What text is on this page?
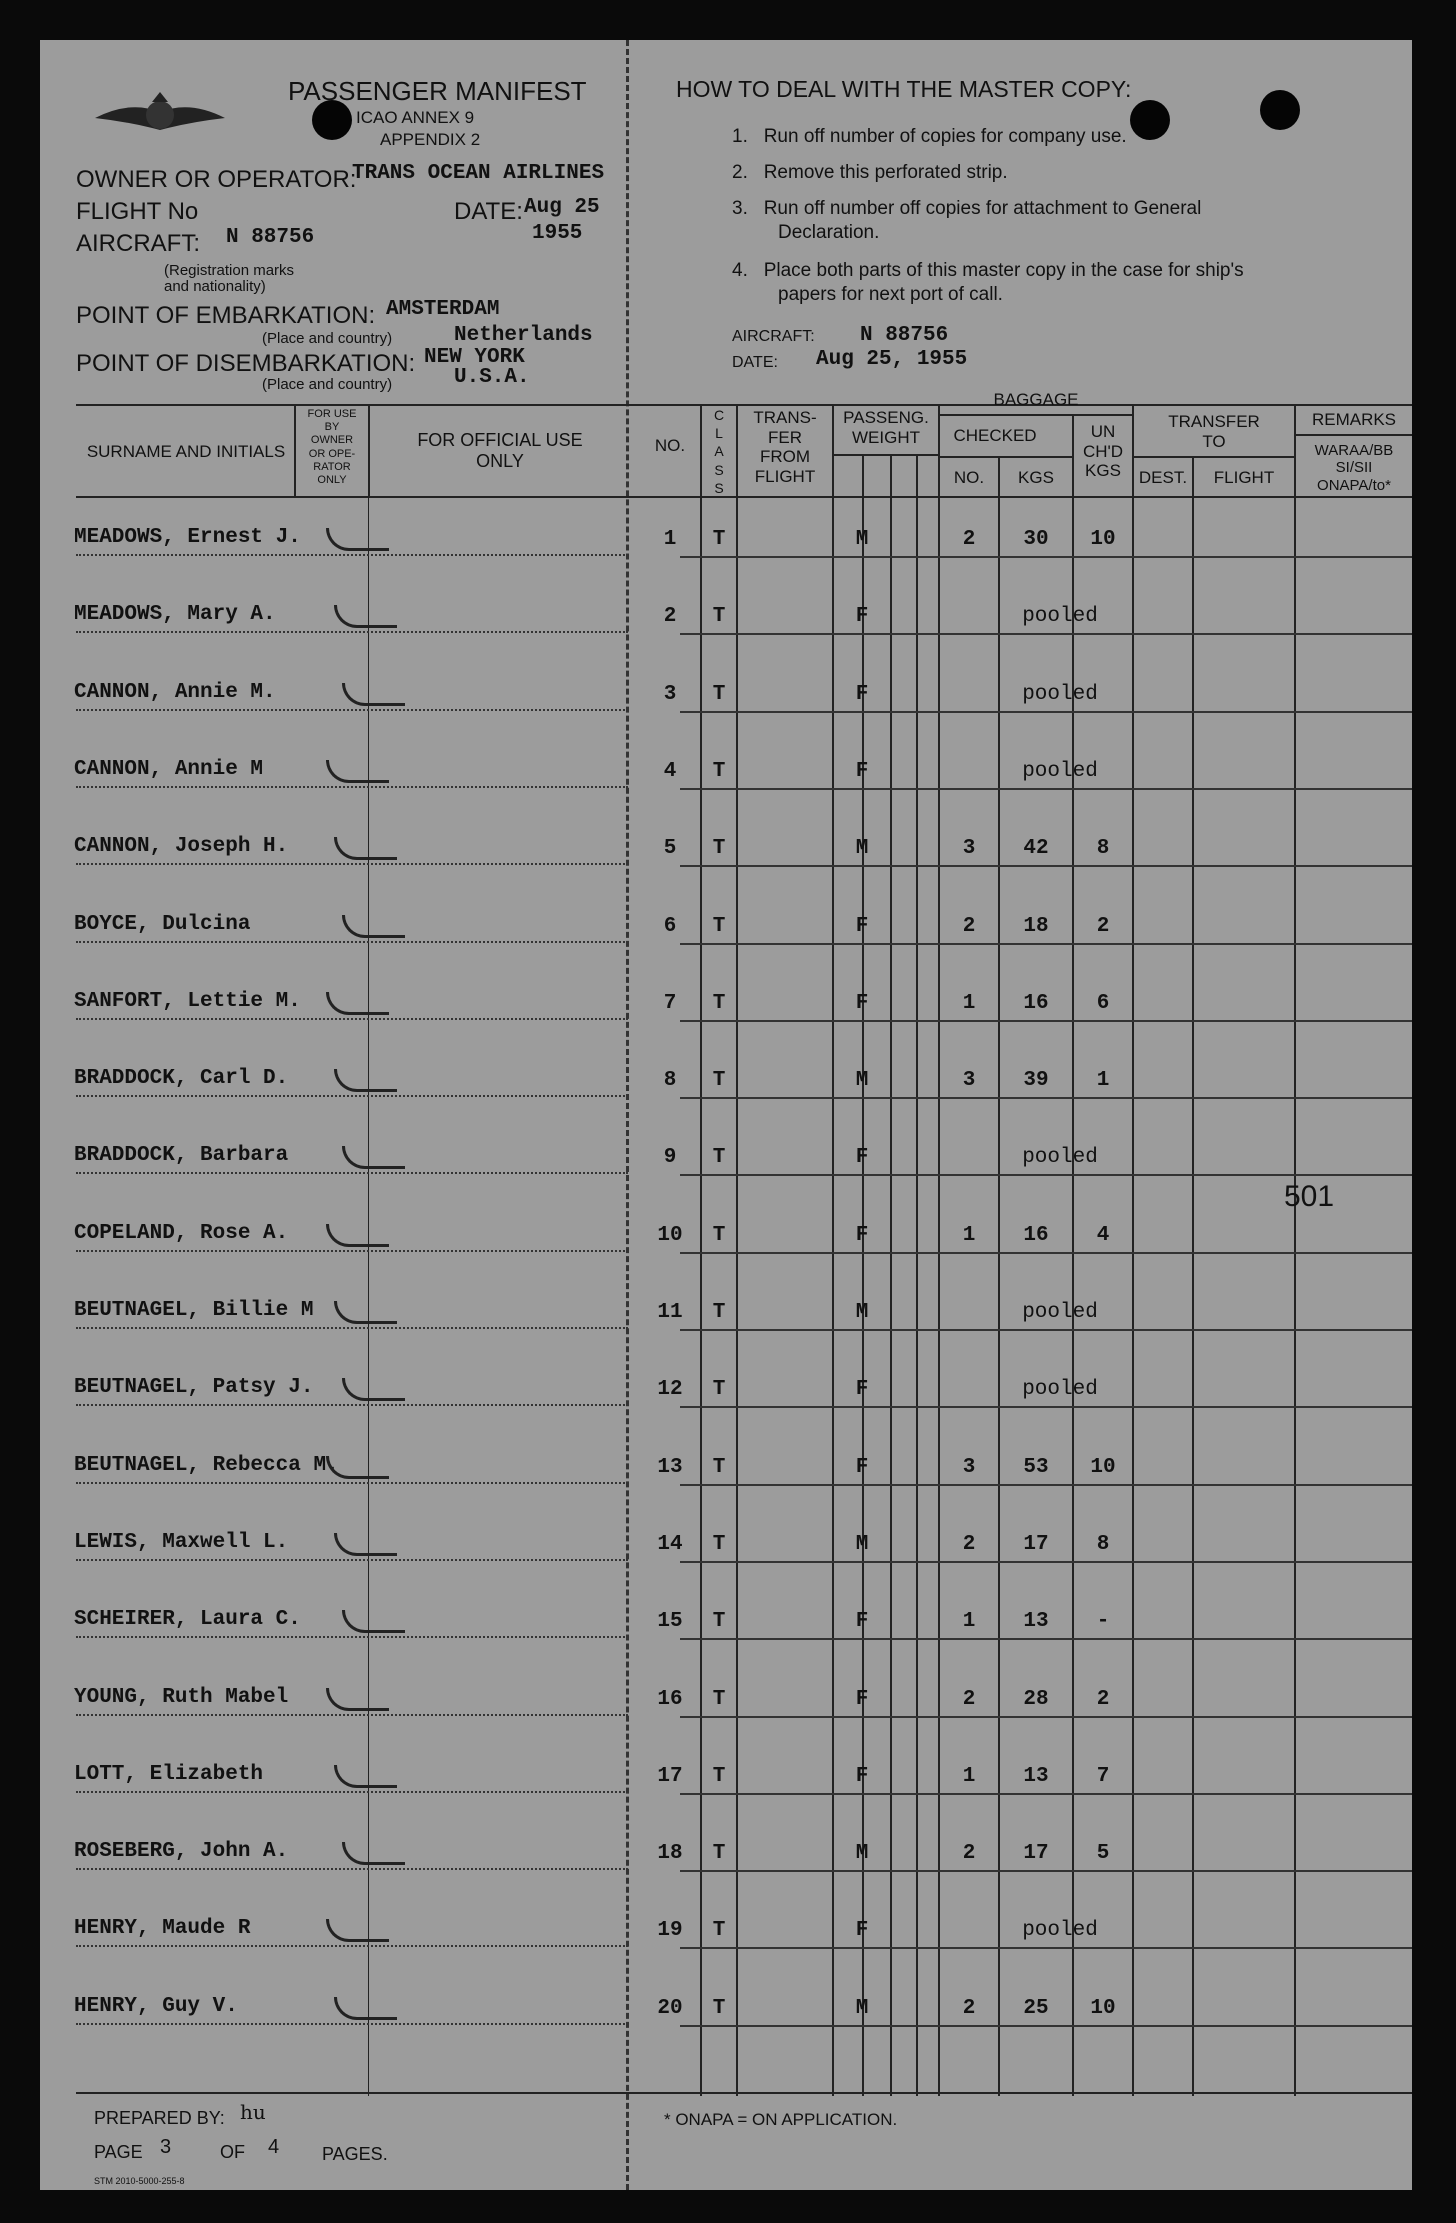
PASSENGER MANIFEST
ICAO ANNEX 9
APPENDIX 2
OWNER OR OPERATOR:
TRANS OCEAN AIRLINES
FLIGHT No	DATE: Aug 25
1955
AIRCRAFT: N 88756
(Registration marks
and nationality)
POINT OF EMBARKATION: AMSTERDAM
(Place and country)	Netherlands
POINT OF DISEMBARKATION: NEW YORK
(Place and country)	U.S.A.
HOW TO DEAL WITH THE MASTER COPY:
1. Run off number of copies for company use.
2. Remove this perforated strip.
3. Run off number off copies for attachment to General
Declaration.
4. Place both parts of this master copy in the case for ship's
papers for next port of call.
AIRCRAFT: N 88756
DATE: Aug 25, 1955
SURNAME AND INITIALS
FOR USE
BY
OWNER
OR OPE-
RATOR
ONLY
FOR OFFICIAL USE
ONLY
NO.
C
L
A
S
S
TRANS-
FER
FROM
FLIGHT
PASSENG.
WEIGHT
BAGGAGE
CHECKED
NO.	KGS
UN
CH'D
KGS
TRANSFER
TO
DEST.	FLIGHT
REMARKS
WARAA/BB
SI/SII
ONAPA/to*
MEADOWS, Ernest J.	1	T	M	2	30	10
MEADOWS, Mary A.	2	T	F	pooled
CANNON, Annie M.	3	T	F	pooled
CANNON, Annie M	4	T	F	pooled
CANNON, Joseph H.	5	T	M	3	42	8
BOYCE, Dulcina	6	T	F	2	18	2
SANFORT, Lettie M.	7	T	F	1	16	6
BRADDOCK, Carl D.	8	T	M	3	39	1
BRADDOCK, Barbara	9	T	F	pooled
COPELAND, Rose A.	10	T	F	1	16	4
BEUTNAGEL, Billie M	11	T	M	pooled
BEUTNAGEL, Patsy J.	12	T	F	pooled
BEUTNAGEL, Rebecca M.	13	T	F	3	53	10
LEWIS, Maxwell L.	14	T	M	2	17	8
SCHEIRER, Laura C.	15	T	F	1	13	-
YOUNG, Ruth Mabel	16	T	F	2	28	2
LOTT, Elizabeth	17	T	F	1	13	7
ROSEBERG, John A.	18	T	M	2	17	5
HENRY, Maude R	19	T	F	pooled
HENRY, Guy V.	20	T	M	2	25	10
501
PREPARED BY: hu
PAGE 3	OF 4 PAGES.
STM 2010-5000-255-8
* ONAPA = ON APPLICATION.
